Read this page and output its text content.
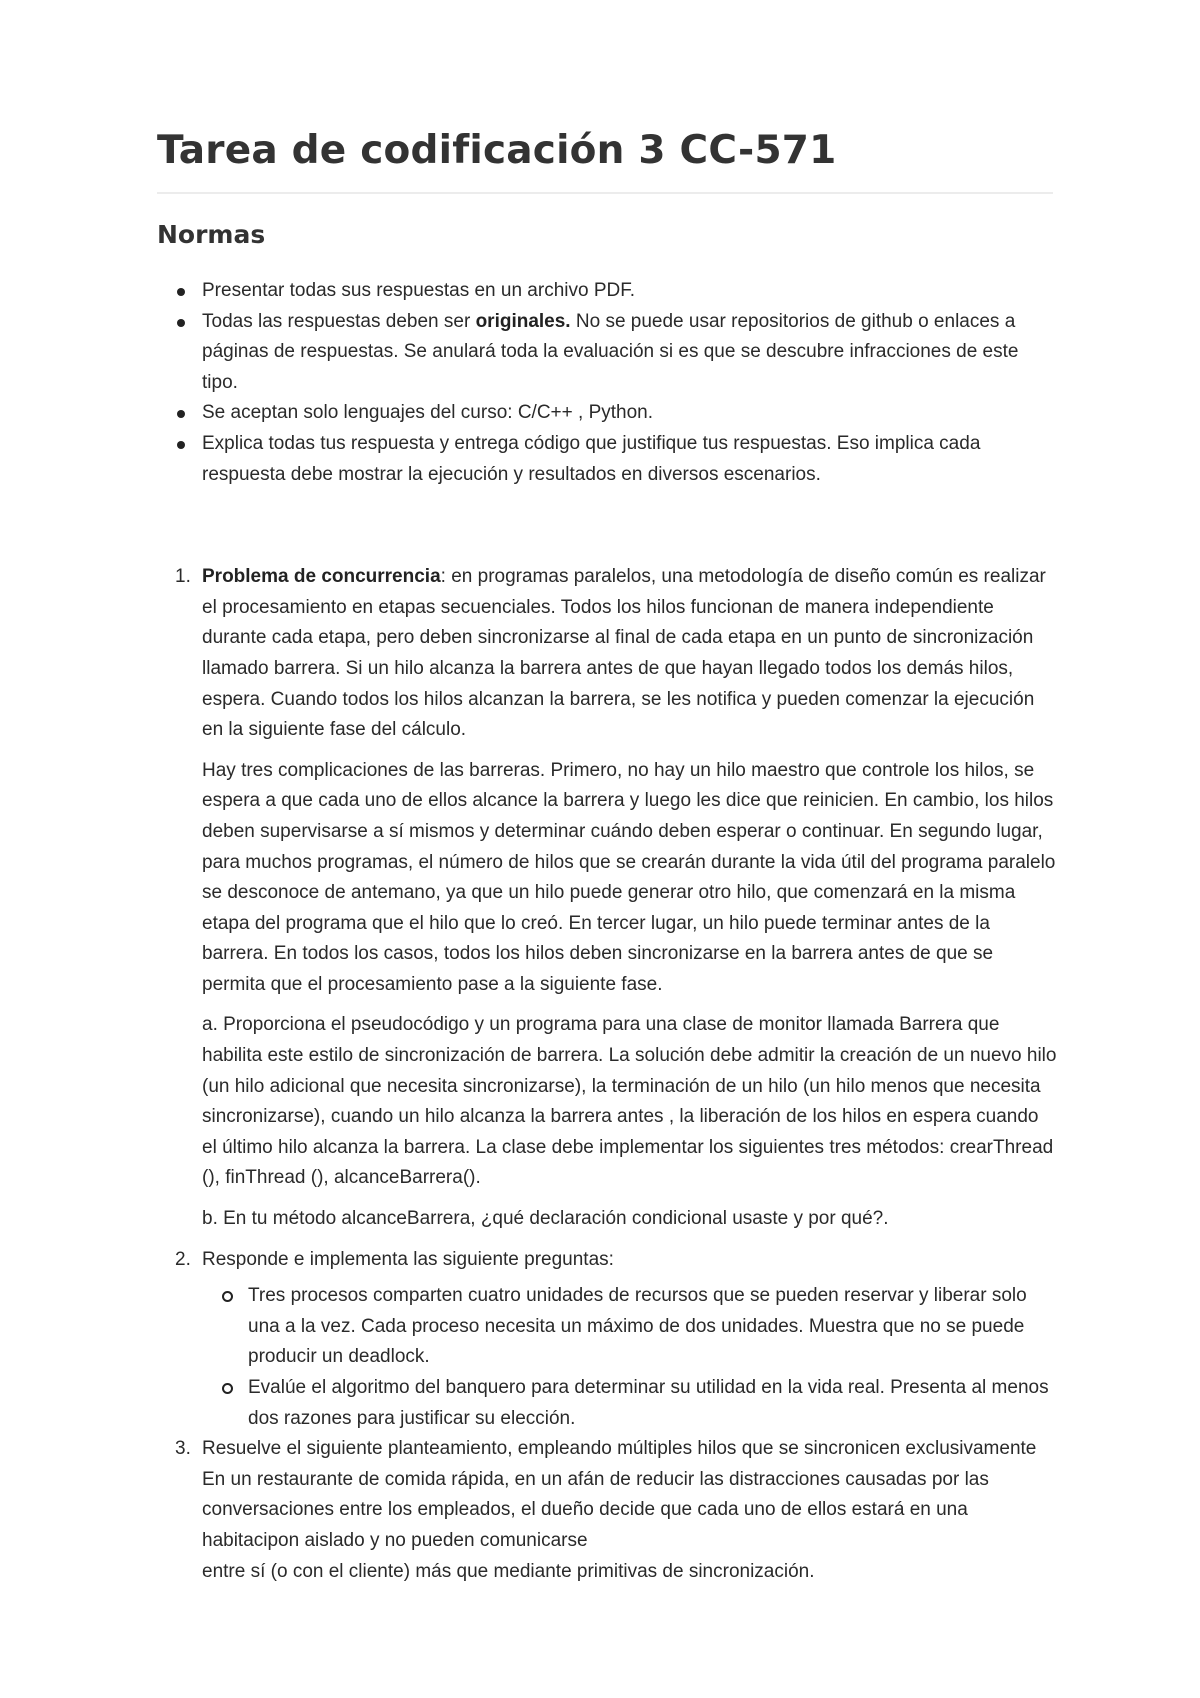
Tarea de codificación 3 CC-571
Normas
Presentar todas sus respuestas en un archivo PDF.
Todas las respuestas deben ser originales. No se puede usar repositorios de github o enlaces a páginas de respuestas. Se anulará toda la evaluación si es que se descubre infracciones de este tipo.
Se aceptan solo lenguajes del curso: C/C++ , Python.
Explica todas tus respuesta y entrega código que justifique tus respuestas. Eso implica cada respuesta debe mostrar la ejecución y resultados en diversos escenarios.
1. Problema de concurrencia: en programas paralelos, una metodología de diseño común es realizar el procesamiento en etapas secuenciales. Todos los hilos funcionan de manera independiente durante cada etapa, pero deben sincronizarse al final de cada etapa en un punto de sincronización llamado barrera. Si un hilo alcanza la barrera antes de que hayan llegado todos los demás hilos, espera. Cuando todos los hilos alcanzan la barrera, se les notifica y pueden comenzar la ejecución en la siguiente fase del cálculo.

Hay tres complicaciones de las barreras. Primero, no hay un hilo maestro que controle los hilos, se espera a que cada uno de ellos alcance la barrera y luego les dice que reinicien. En cambio, los hilos deben supervisarse a sí mismos y determinar cuándo deben esperar o continuar. En segundo lugar, para muchos programas, el número de hilos que se crearán durante la vida útil del programa paralelo se desconoce de antemano, ya que un hilo puede generar otro hilo, que comenzará en la misma etapa del programa que el hilo que lo creó. En tercer lugar, un hilo puede terminar antes de la barrera. En todos los casos, todos los hilos deben sincronizarse en la barrera antes de que se permita que el procesamiento pase a la siguiente fase.

a. Proporciona el pseudocódigo y un programa para una clase de monitor llamada Barrera que habilita este estilo de sincronización de barrera. La solución debe admitir la creación de un nuevo hilo (un hilo adicional que necesita sincronizarse), la terminación de un hilo (un hilo menos que necesita sincronizarse), cuando un hilo alcanza la barrera antes , la liberación de los hilos en espera cuando el último hilo alcanza la barrera. La clase debe implementar los siguientes tres métodos: crearThread (), finThread (), alcanceBarrera().

b. En tu método alcanceBarrera, ¿qué declaración condicional usaste y por qué?.

2. Responde e implementa las siguiente preguntas:

Tres procesos comparten cuatro unidades de recursos que se pueden reservar y liberar solo una a la vez. Cada proceso necesita un máximo de dos unidades. Muestra que no se puede producir un deadlock.
Evalúe el algoritmo del banquero para determinar su utilidad en la vida real. Presenta al menos dos razones para justificar su elección.
3. Resuelve el siguiente planteamiento, empleando múltiples hilos que se sincronicen exclusivamente
En un restaurante de comida rápida, en un afán de reducir las distracciones causadas por las conversaciones entre los empleados, el dueño decide que cada uno de ellos estará en una habitacipon aislado y no pueden comunicarse
entre sí (o con el cliente) más que mediante primitivas de sincronización.
